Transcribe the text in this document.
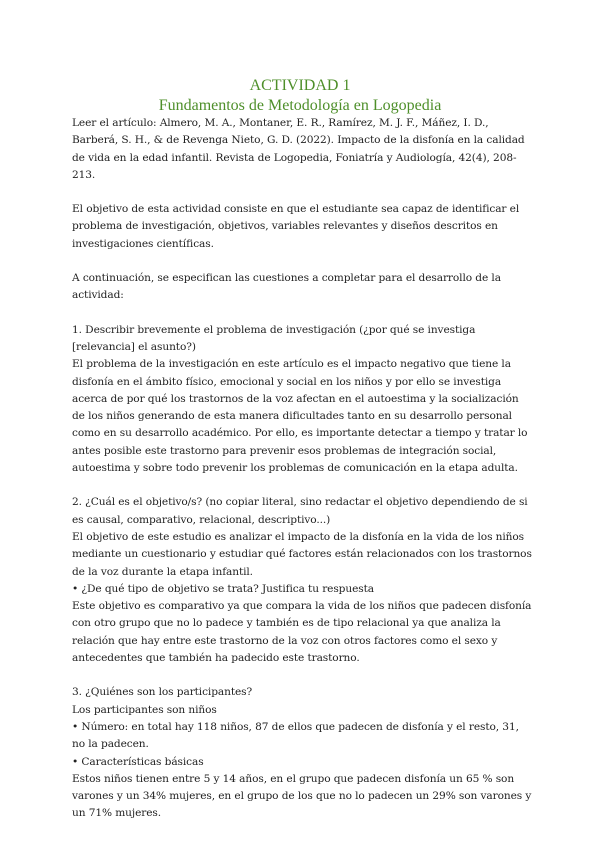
ACTIVIDAD 1
Fundamentos de Metodología en Logopedia

Leer el artículo: Almero, M. A., Montaner, E. R., Ramírez, M. J. F., Máñez, I. D., Barberá, S. H., & de Revenga Nieto, G. D. (2022). Impacto de la disfonía en la calidad de vida en la edad infantil. Revista de Logopedia, Foniatría y Audiología, 42(4), 208-213.

El objetivo de esta actividad consiste en que el estudiante sea capaz de identificar el problema de investigación, objetivos, variables relevantes y diseños descritos en investigaciones científicas.

A continuación, se especifican las cuestiones a completar para el desarrollo de la actividad:

1. Describir brevemente el problema de investigación (¿por qué se investiga [relevancia] el asunto?)

El problema de la investigación en este artículo es el impacto negativo que tiene la disfonía en el ámbito físico, emocional y social en los niños y por ello se investiga acerca de por qué los trastornos de la voz afectan en el autoestima y la socialización de los niños generando de esta manera dificultades tanto en su desarrollo personal como en su desarrollo académico. Por ello, es importante detectar a tiempo y tratar lo antes posible este trastorno para prevenir esos problemas de integración social, autoestima y sobre todo prevenir los problemas de comunicación en la etapa adulta.

2. ¿Cuál es el objetivo/s? (no copiar literal, sino redactar el objetivo dependiendo de si es causal, comparativo, relacional, descriptivo...)

El objetivo de este estudio es analizar el impacto de la disfonía en la vida de los niños mediante un cuestionario y estudiar qué factores están relacionados con los trastornos de la voz durante la etapa infantil.

• ¿De qué tipo de objetivo se trata? Justifica tu respuesta

Este objetivo es comparativo ya que compara la vida de los niños que padecen disfonía con otro grupo que no lo padece y también es de tipo relacional ya que analiza la relación que hay entre este trastorno de la voz con otros factores como el sexo y antecedentes que también ha padecido este trastorno.

3. ¿Quiénes son los participantes?

Los participantes son niños

• Número: en total hay 118 niños, 87 de ellos que padecen de disfonía y el resto, 31, no la padecen.

• Características básicas

Estos niños tienen entre 5 y 14 años, en el grupo que padecen disfonía un 65 % son varones y un 34% mujeres, en el grupo de los que no lo padecen un 29% son varones y un 71% mujeres.
